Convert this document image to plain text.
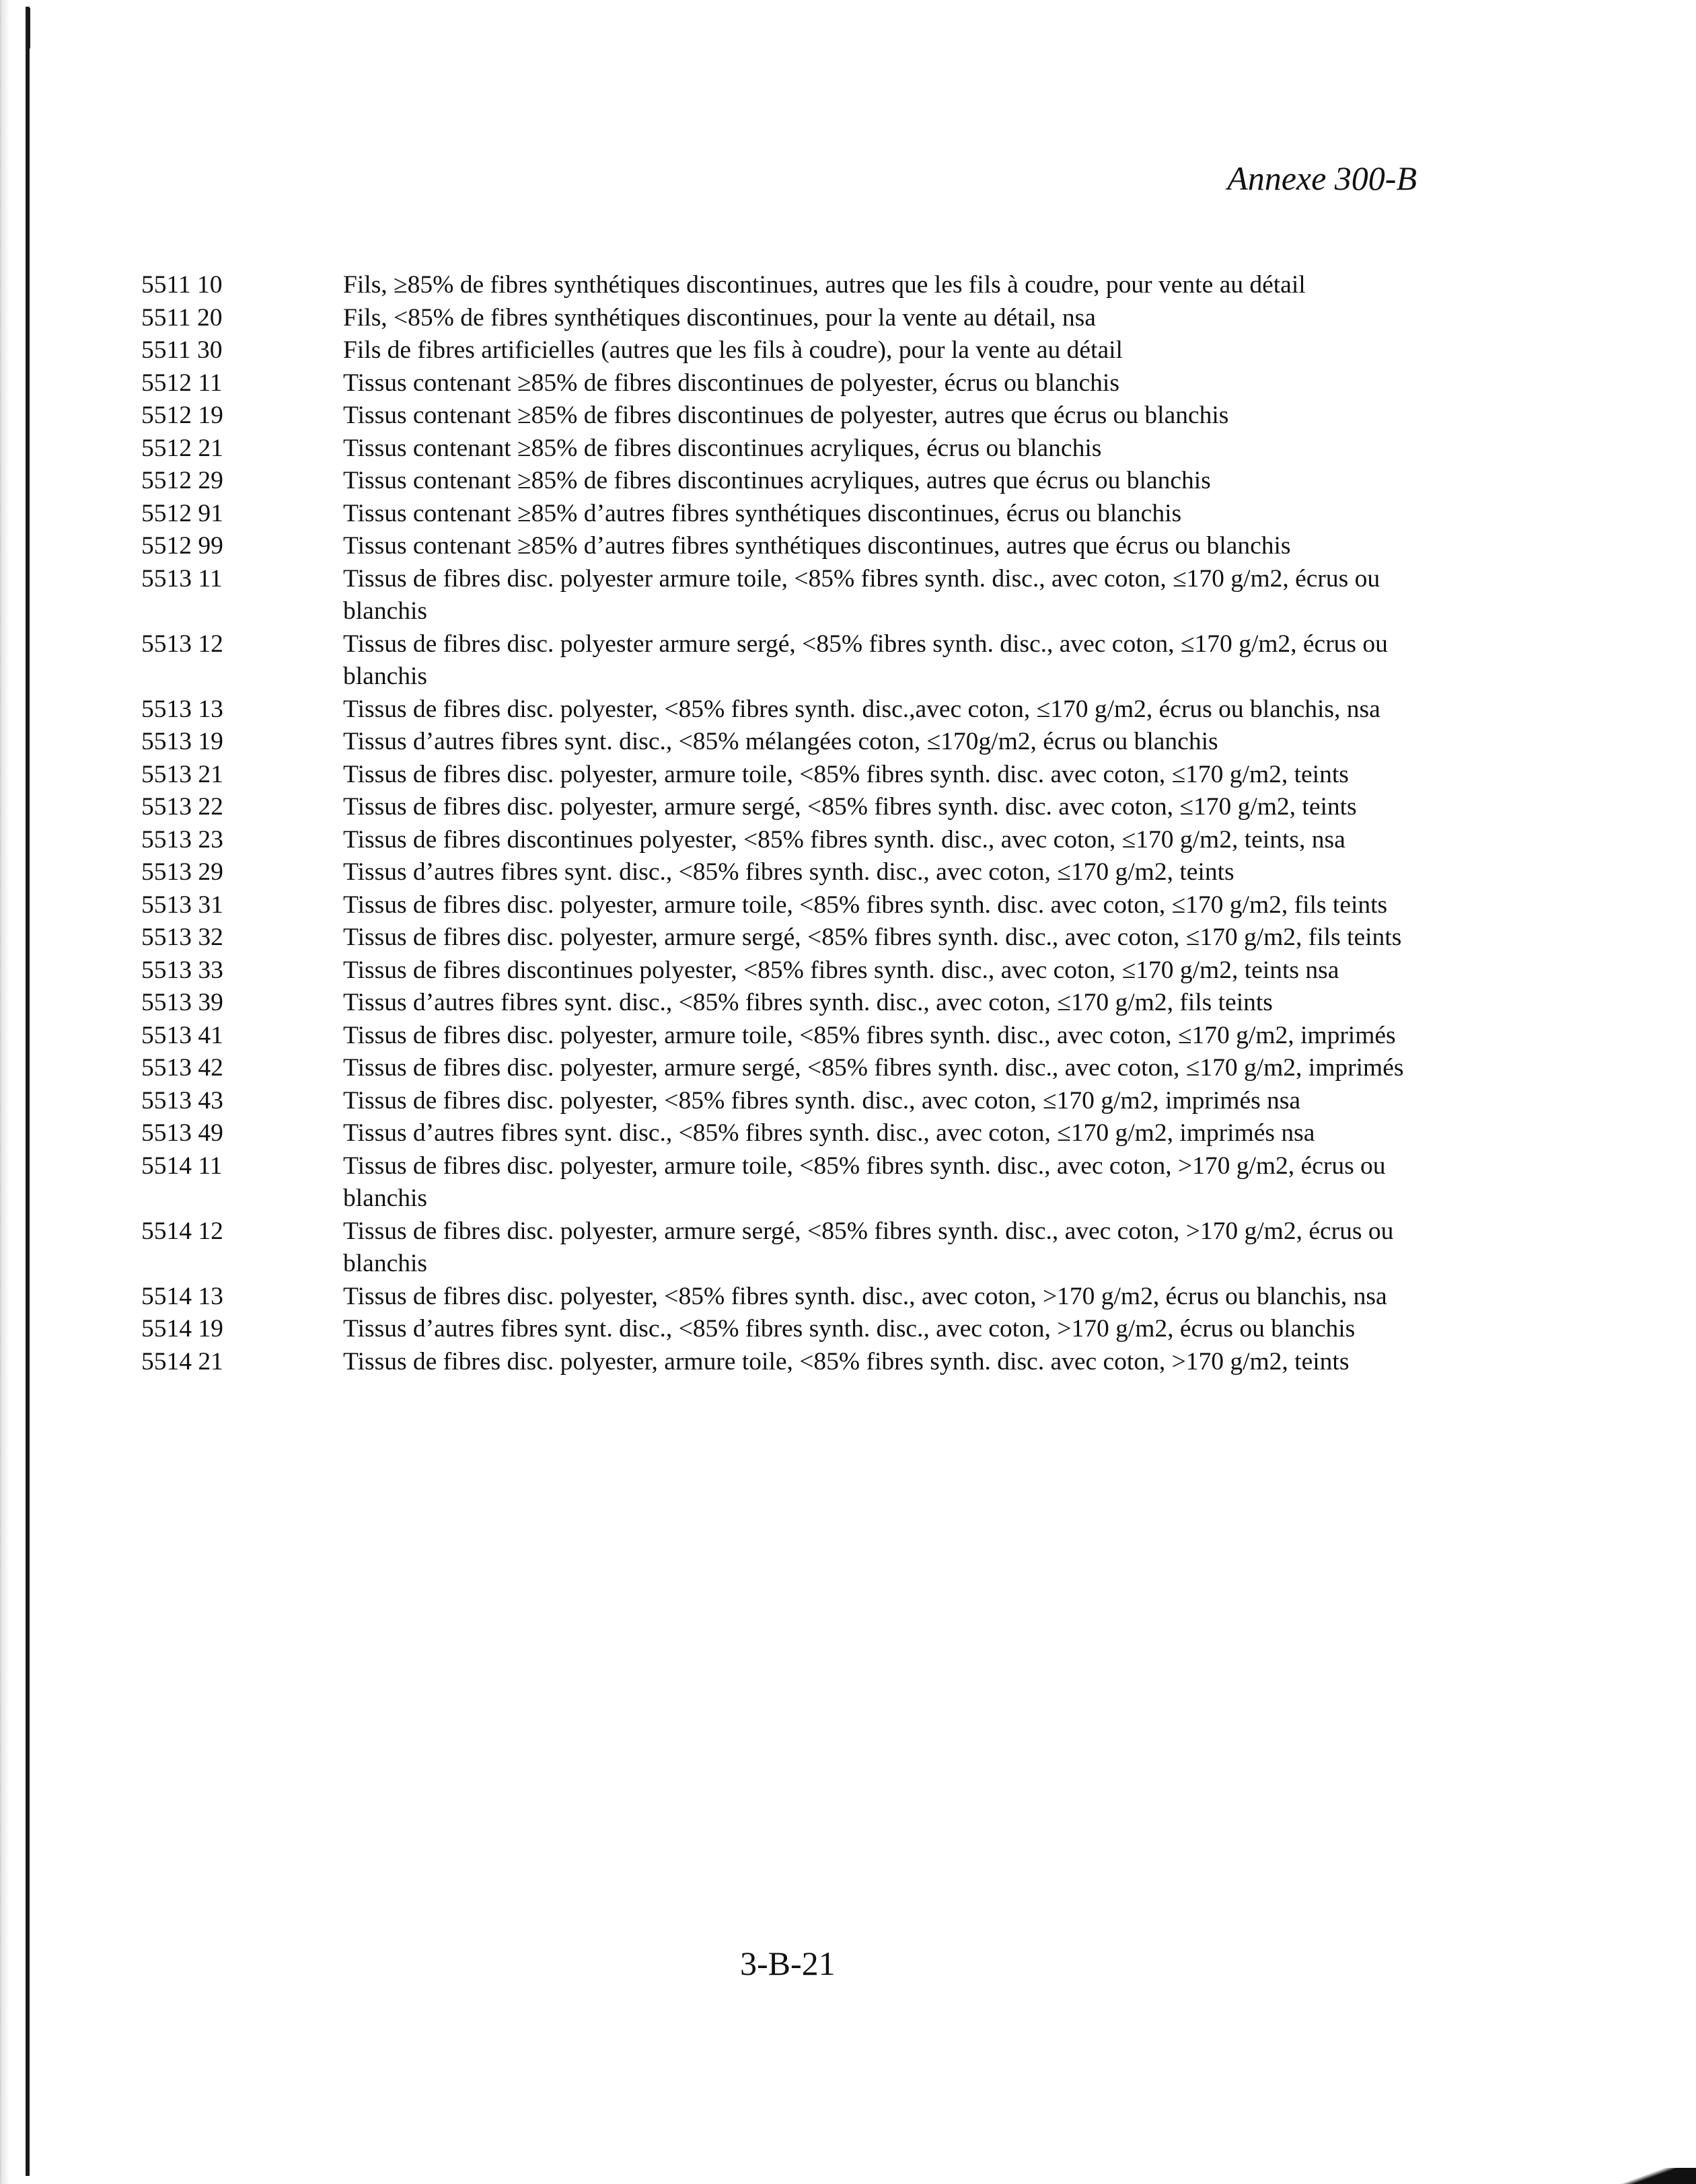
Annexe 300-B
5511 10	Fils, ≥85% de fibres synthétiques discontinues, autres que les fils à coudre, pour vente au détail
5511 20	Fils, <85% de fibres synthétiques discontinues, pour la vente au détail, nsa
5511 30	Fils de fibres artificielles (autres que les fils à coudre), pour la vente au détail
5512 11	Tissus contenant ≥85% de fibres discontinues de polyester, écrus ou blanchis
5512 19	Tissus contenant ≥85% de fibres discontinues de polyester, autres que écrus ou blanchis
5512 21	Tissus contenant ≥85% de fibres discontinues acryliques, écrus ou blanchis
5512 29	Tissus contenant ≥85% de fibres discontinues acryliques, autres que écrus ou blanchis
5512 91	Tissus contenant ≥85% d’autres fibres synthétiques discontinues, écrus ou blanchis
5512 99	Tissus contenant ≥85% d’autres fibres synthétiques discontinues, autres que écrus ou blanchis
5513 11	Tissus de fibres disc. polyester armure toile, <85% fibres synth. disc., avec coton, ≤170 g/m2, écrus ou blanchis
5513 12	Tissus de fibres disc. polyester armure sergé, <85% fibres synth. disc., avec coton, ≤170 g/m2, écrus ou blanchis
5513 13	Tissus de fibres disc. polyester, <85% fibres synth. disc.,avec coton, ≤170 g/m2, écrus ou blanchis, nsa
5513 19	Tissus d’autres fibres synt. disc., <85% mélangées coton, ≤170g/m2, écrus ou blanchis
5513 21	Tissus de fibres disc. polyester, armure toile, <85% fibres synth. disc. avec coton, ≤170 g/m2, teints
5513 22	Tissus de fibres disc. polyester, armure sergé, <85% fibres synth. disc. avec coton, ≤170 g/m2, teints
5513 23	Tissus de fibres discontinues polyester, <85% fibres synth. disc., avec coton, ≤170 g/m2, teints, nsa
5513 29	Tissus d’autres fibres synt. disc., <85% fibres synth. disc., avec coton, ≤170 g/m2, teints
5513 31	Tissus de fibres disc. polyester, armure toile, <85% fibres synth. disc. avec coton, ≤170 g/m2, fils teints
5513 32	Tissus de fibres disc. polyester, armure sergé, <85% fibres synth. disc., avec coton, ≤170 g/m2, fils teints
5513 33	Tissus de fibres discontinues polyester, <85% fibres synth. disc., avec coton, ≤170 g/m2, teints nsa
5513 39	Tissus d’autres fibres synt. disc., <85% fibres synth. disc., avec coton, ≤170 g/m2, fils teints
5513 41	Tissus de fibres disc. polyester, armure toile, <85% fibres synth. disc., avec coton, ≤170 g/m2, imprimés
5513 42	Tissus de fibres disc. polyester, armure sergé, <85% fibres synth. disc., avec coton, ≤170 g/m2, imprimés
5513 43	Tissus de fibres disc. polyester, <85% fibres synth. disc., avec coton, ≤170 g/m2, imprimés nsa
5513 49	Tissus d’autres fibres synt. disc., <85% fibres synth. disc., avec coton, ≤170 g/m2, imprimés nsa
5514 11	Tissus de fibres disc. polyester, armure toile, <85% fibres synth. disc., avec coton, >170 g/m2, écrus ou blanchis
5514 12	Tissus de fibres disc. polyester, armure sergé, <85% fibres synth. disc., avec coton, >170 g/m2, écrus ou blanchis
5514 13	Tissus de fibres disc. polyester, <85% fibres synth. disc., avec coton, >170 g/m2, écrus ou blanchis, nsa
5514 19	Tissus d’autres fibres synt. disc., <85% fibres synth. disc., avec coton, >170 g/m2, écrus ou blanchis
5514 21	Tissus de fibres disc. polyester, armure toile, <85% fibres synth. disc. avec coton, >170 g/m2, teints
3-B-21
